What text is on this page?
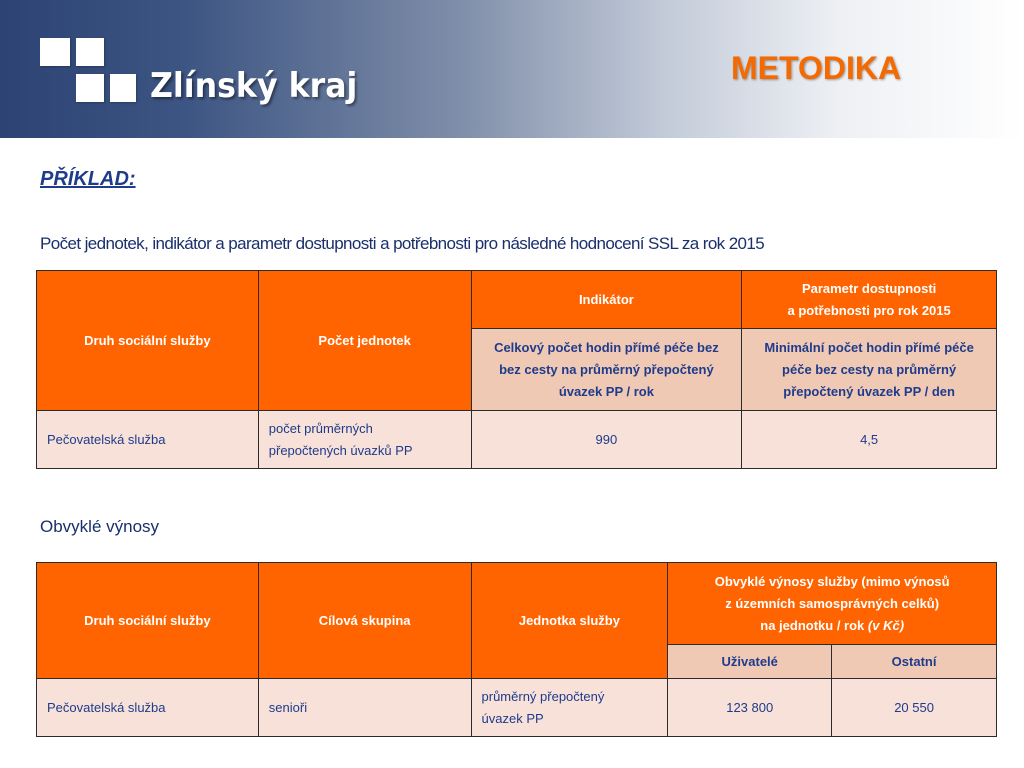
Zlínský kraj	METODIKA
PŘÍKLAD:
Počet jednotek, indikátor a parametr dostupnosti a potřebnosti pro následné hodnocení SSL za rok 2015
Druh sociální služby	Počet jednotek	Indikátor	Parametr dostupnosti
a potřebnosti pro rok 2015
		Celkový počet hodin přímé péče bez bez cesty na průměrný přepočtený úvazek PP / rok	Minimální počet hodin přímé péče péče bez cesty na průměrný přepočtený úvazek PP / den
Pečovatelská služba	počet průměrných
přepočtených úvazků PP	990	4,5
Obvyklé výnosy
Druh sociální služby	Cílová skupina	Jednotka služby	Obvyklé výnosy služby (mimo výnosů
z územních samosprávných celků)
na jednotku / rok (v Kč)	
			Uživatelé	Ostatní
Pečovatelská služba	senioři	průměrný přepočtený
úvazek PP	123 800	20 550
